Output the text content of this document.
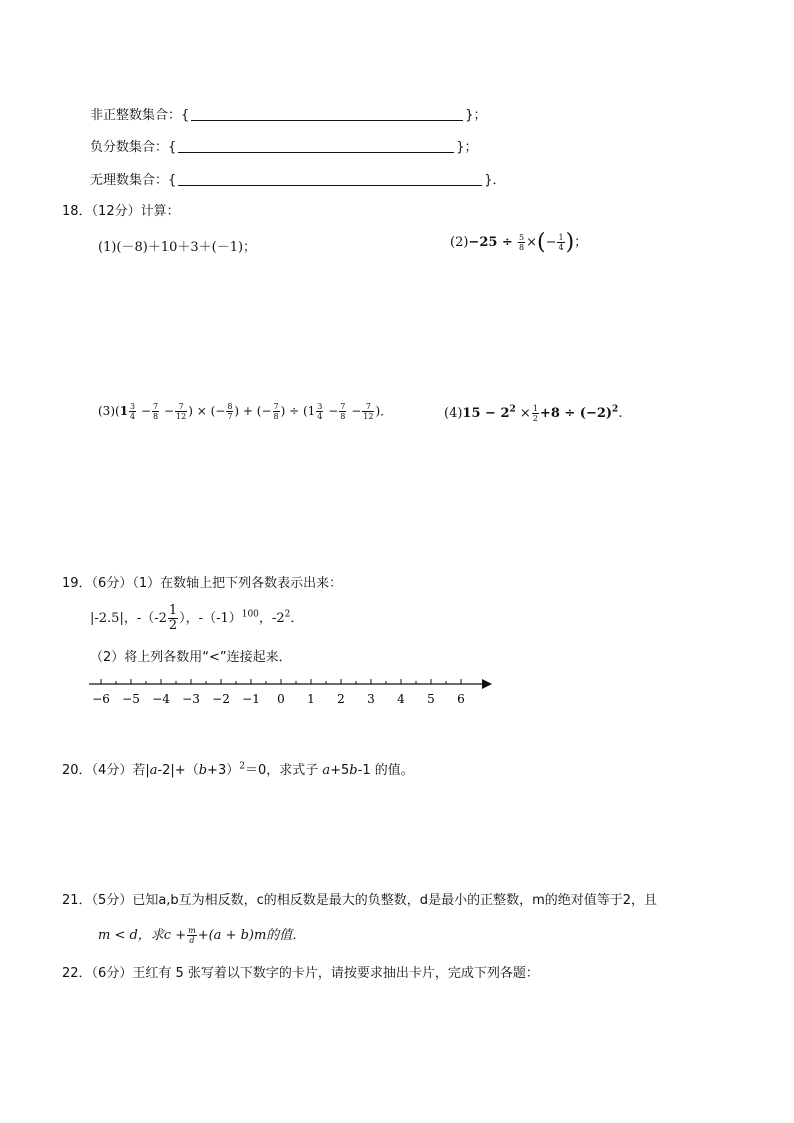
非正整数集合：{	}；
负分数集合：{	}；
无理数集合：{	}．
18．（12分）计算：
(1)(－8)＋10＋3＋(－1)；	$(2)-25 \div \frac{5}{8}$ ×(− $\frac{1}{4}$ )；
$(3)(1 \frac{3}{4} - \frac{7}{8} - \frac{7}{12}$ ) × (− $\frac{8}{7}$ ) + (− $\frac{7}{8}$ ) ÷ ($1 \frac{3}{4} - \frac{7}{8} - \frac{7}{12}$ )．	$(4)15 - 2^2 \times \frac{1}{2} +8 \div (-2)^2$.
19．（6分）（1）在数轴上把下列各数表示出来：
|-2.5|，$-(-2 \frac{1}{2}$ ），$-(-1)^{100}$，$-2^2$．
（2）将上列各数用“<”连接起来．
−6 −5 −4 −3 −2 −1 0 1 2 3 4 5 6
20．（4分）若$|a-2|+(b+3)^2=0$，求式子 a+5b-1 的值。
21．（5分）已知a,b互为相反数，c的相反数是最大的负整数，d是最小的正整数，m的绝对值等于2，且
m < d，求$c + \frac{m}{d} +(a + b)m$的值．
22．（6分）王红有 5 张写着以下数字的卡片，请按要求抽出卡片，完成下列各题：
